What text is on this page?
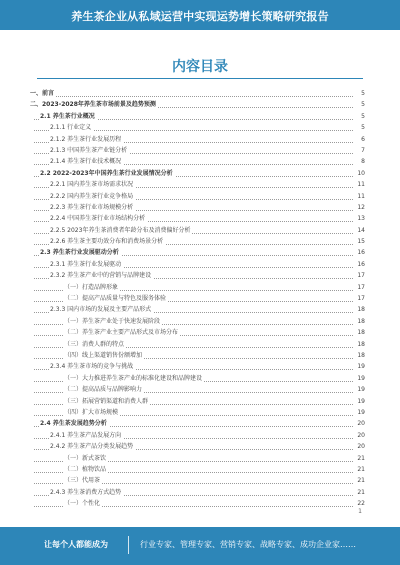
养生茶企业从私域运营中实现运势增长策略研究报告
内容目录
一、前言	5
二、2023-2028年养生茶市场前景及趋势预测	5
2.1 养生茶行业概况	5
2.1.1 行业定义	5
2.1.2 养生茶行业发展历程	6
2.1.3 中国养生茶产业链分析	7
2.1.4 养生茶行业技术概况	8
2.2 2022-2023年中国养生茶行业发展情况分析	10
2.2.1 国内养生茶市场需求状况	11
2.2.2 国内养生茶行业竞争格局	11
2.2.3 养生茶行业市场规模分析	12
2.2.4 中国养生茶行业市场结构分析	13
2.2.5 2023年养生茶消费者年龄分布及消费偏好分析	14
2.2.6 养生茶主要功效分布和消费场景分析	15
2.3 养生茶行业发展驱动分析	16
2.3.1 养生茶行业发展驱动	16
2.3.2 养生茶产业中的营销与品牌建设	17
（一）打造品牌形象	17
（二）提高产品质量与特色及服务体验	17
2.3.3 国内市场的发展及主要产品形式	18
（一）养生茶产业处于快速发展阶段	18
（二）养生茶产业主要产品形式及市场分布	18
（三）消费人群的特点	18
（四）线上渠道销售份额增加	18
2.3.4 养生茶市场的竞争与挑战	19
（一）大力推进养生茶产业的标准化建设和品牌建设	19
（二）提高品质与品牌影响力	19
（三）拓展营销渠道和消费人群	19
（四）扩大市场规模	19
2.4 养生茶发展趋势分析	20
2.4.1 养生茶产品发展方向	20
2.4.2 养生茶产品分类发展趋势	20
（一）新式茶饮	21
（二）植物饮品	21
（三）代用茶	21
2.4.3 养生茶消费方式趋势	21
（一）个性化	22
1
让每个人都能成为	行业专家、管理专家、营销专家、战略专家、成功企业家……
